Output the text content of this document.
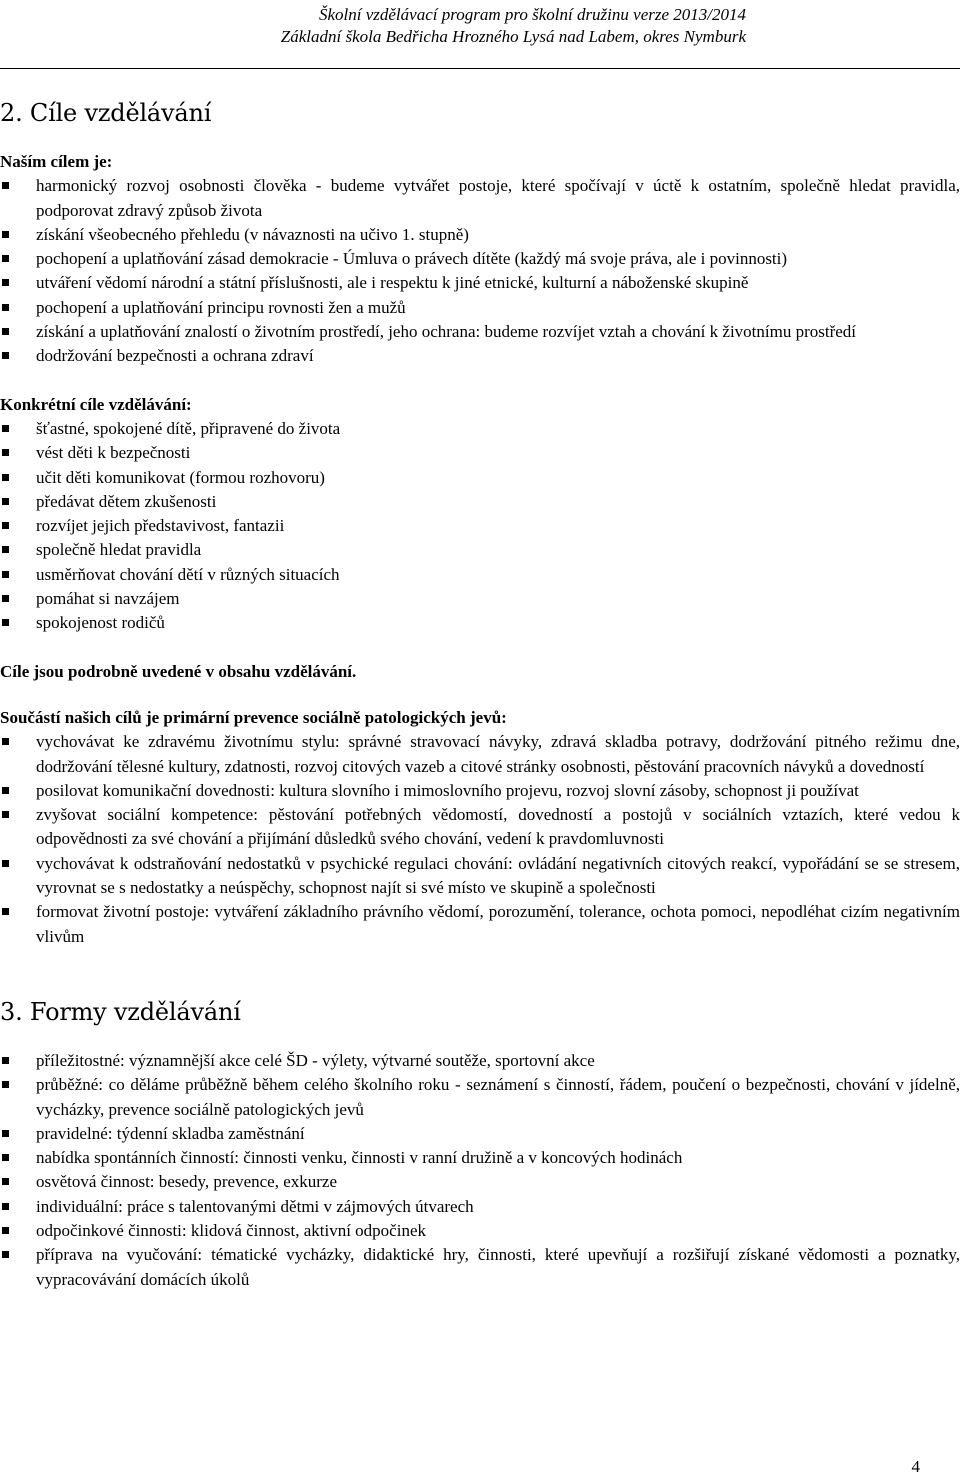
Školní vzdělávací program pro školní družinu verze 2013/2014
Základní škola Bedřicha Hrozného Lysá nad Labem, okres Nymburk
2. Cíle vzdělávání

Naším cílem je:

harmonický rozvoj osobnosti člověka - budeme vytvářet postoje, které spočívají v úctě k ostatním, společně hledat pravidla, podporovat zdravý způsob života
získání všeobecného přehledu (v návaznosti na učivo 1. stupně)
pochopení a uplatňování zásad demokracie - Úmluva o právech dítěte (každý má svoje práva, ale i povinnosti)
utváření vědomí národní a státní příslušnosti, ale i respektu k jiné etnické, kulturní a náboženské skupině
pochopení a uplatňování principu rovnosti žen a mužů
získání a uplatňování znalostí o životním prostředí, jeho ochrana: budeme rozvíjet vztah a chování k životnímu prostředí
dodržování bezpečnosti a ochrana zdraví

Konkrétní cíle vzdělávání:

šťastné, spokojené dítě, připravené do života
vést děti k bezpečnosti
učit děti komunikovat (formou rozhovoru)
předávat dětem zkušenosti
rozvíjet jejich představivost, fantazii
společně hledat pravidla
usměrňovat chování dětí v různých situacích
pomáhat si navzájem
spokojenost rodičů

Cíle jsou podrobně uvedené v obsahu vzdělávání.

Součástí našich cílů je primární prevence sociálně patologických jevů:

vychovávat ke zdravému životnímu stylu: správné stravovací návyky, zdravá skladba potravy, dodržování pitného režimu dne, dodržování tělesné kultury, zdatnosti, rozvoj citových vazeb a citové stránky osobnosti, pěstování pracovních návyků a dovedností
posilovat komunikační dovednosti: kultura slovního i mimoslovního projevu, rozvoj slovní zásoby, schopnost ji používat
zvyšovat sociální kompetence: pěstování potřebných vědomostí, dovedností a postojů v sociálních vztazích, které vedou k odpovědnosti za své chování a přijímání důsledků svého chování, vedení k pravdomluvnosti
vychovávat k odstraňování nedostatků v psychické regulaci chování: ovládání negativních citových reakcí, vypořádání se se stresem, vyrovnat se s nedostatky a neúspěchy, schopnost najít si své místo ve skupině a společnosti
formovat životní postoje: vytváření základního právního vědomí, porozumění, tolerance, ochota pomoci, nepodléhat cizím negativním vlivům
3. Formy vzdělávání
příležitostné: významnější akce celé ŠD - výlety, výtvarné soutěže, sportovní akce
průběžné: co děláme průběžně během celého školního roku - seznámení s činností, řádem, poučení o bezpečnosti, chování v jídelně, vycházky, prevence sociálně patologických jevů
pravidelné: týdenní skladba zaměstnání
nabídka spontánních činností: činnosti venku, činnosti v ranní družině a v koncových hodinách
osvětová činnost: besedy, prevence, exkurze
individuální: práce s talentovanými dětmi v zájmových útvarech
odpočinkové činnosti: klidová činnost, aktivní odpočinek
příprava na vyučování: tématické vycházky, didaktické hry, činnosti, které upevňují a rozšiřují získané vědomosti a poznatky, vypracovávání domácích úkolů
4
